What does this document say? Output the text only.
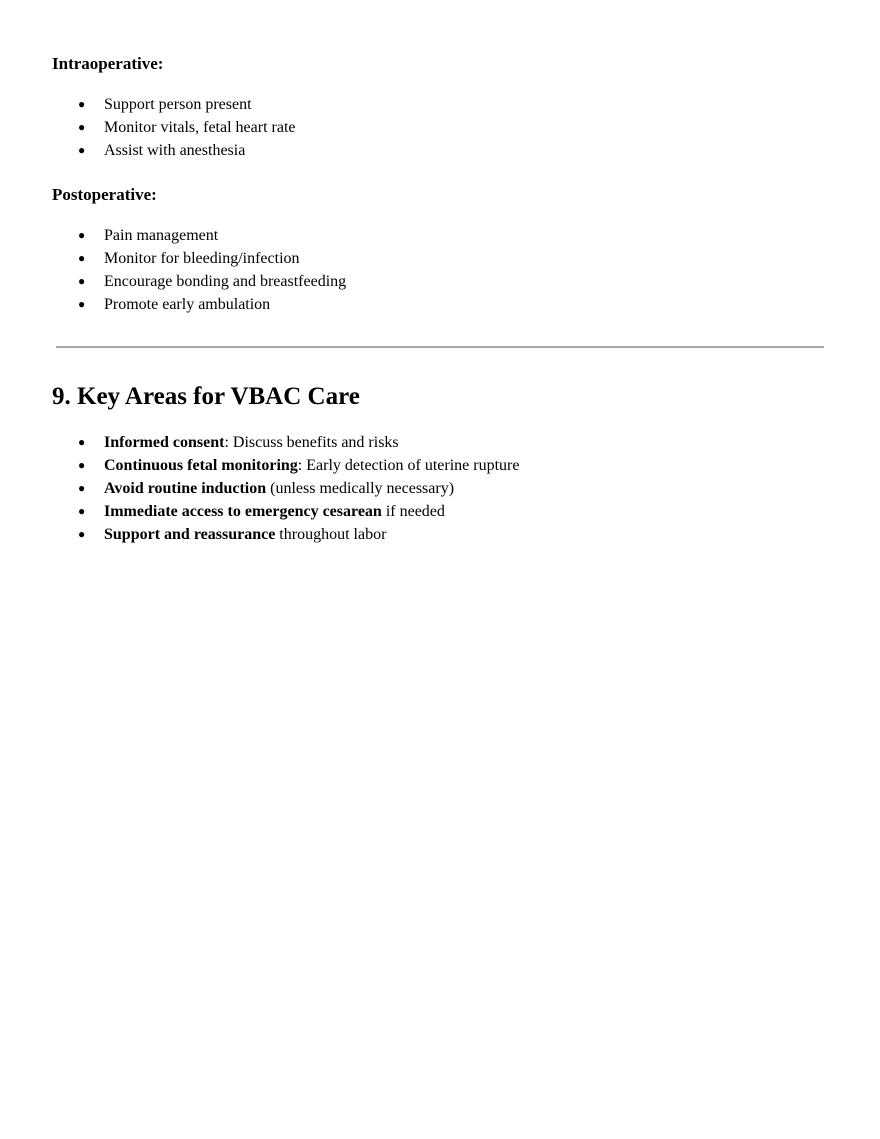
Intraoperative:
● Support person present
● Monitor vitals, fetal heart rate
● Assist with anesthesia
Postoperative:
● Pain management
● Monitor for bleeding/infection
● Encourage bonding and breastfeeding
● Promote early ambulation
9. Key Areas for VBAC Care
● Informed consent: Discuss benefits and risks
● Continuous fetal monitoring: Early detection of uterine rupture
● Avoid routine induction (unless medically necessary)
● Immediate access to emergency cesarean if needed
● Support and reassurance throughout labor
